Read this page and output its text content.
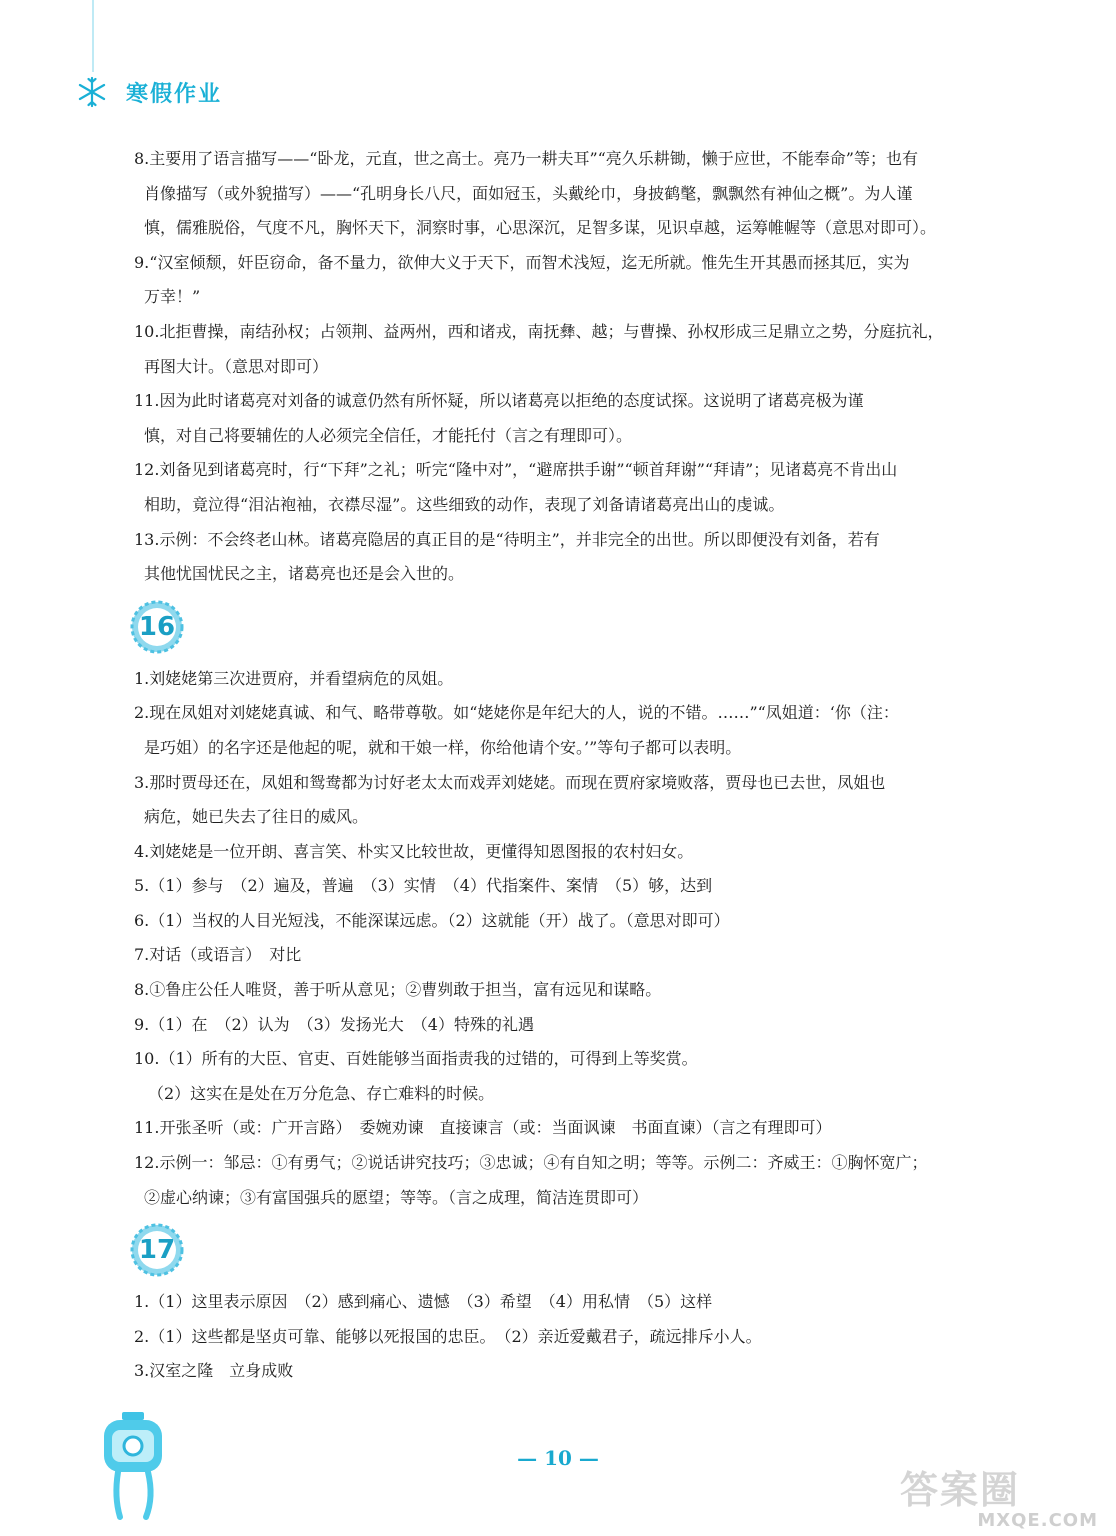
寒假作业
8.主要用了语言描写——“卧龙，元直，世之高士。亮乃一耕夫耳”“亮久乐耕锄，懒于应世，不能奉命”等；也有
肖像描写（或外貌描写）——“孔明身长八尺，面如冠玉，头戴纶巾，身披鹤氅，飘飘然有神仙之概”。为人谨
慎，儒雅脱俗，气度不凡，胸怀天下，洞察时事，心思深沉，足智多谋，见识卓越，运筹帷幄等（意思对即可）。
9.“汉室倾颓，奸臣窃命，备不量力，欲伸大义于天下，而智术浅短，迄无所就。惟先生开其愚而拯其厄，实为
万幸！”
10.北拒曹操，南结孙权；占领荆、益两州，西和诸戎，南抚彝、越；与曹操、孙权形成三足鼎立之势，分庭抗礼，
再图大计。（意思对即可）
11.因为此时诸葛亮对刘备的诚意仍然有所怀疑，所以诸葛亮以拒绝的态度试探。这说明了诸葛亮极为谨
慎，对自己将要辅佐的人必须完全信任，才能托付（言之有理即可）。
12.刘备见到诸葛亮时，行“下拜”之礼；听完“隆中对”，“避席拱手谢”“顿首拜谢”“拜请”；见诸葛亮不肯出山
相助，竟泣得“泪沾袍袖，衣襟尽湿”。这些细致的动作，表现了刘备请诸葛亮出山的虔诚。
13.示例：不会终老山林。诸葛亮隐居的真正目的是“待明主”，并非完全的出世。所以即便没有刘备，若有
其他忧国忧民之主，诸葛亮也还是会入世的。
16
1.刘姥姥第三次进贾府，并看望病危的凤姐。
2.现在凤姐对刘姥姥真诚、和气、略带尊敬。如“姥姥你是年纪大的人，说的不错。……”“凤姐道：‘你（注：
是巧姐）的名字还是他起的呢，就和干娘一样，你给他请个安。’”等句子都可以表明。
3.那时贾母还在，凤姐和鸳鸯都为讨好老太太而戏弄刘姥姥。而现在贾府家境败落，贾母也已去世，凤姐也
病危，她已失去了往日的威风。
4.刘姥姥是一位开朗、喜言笑、朴实又比较世故，更懂得知恩图报的农村妇女。
5.（1）参与　（2）遍及，普遍　（3）实情　（4）代指案件、案情　（5）够，达到
6.（1）当权的人目光短浅，不能深谋远虑。（2）这就能（开）战了。（意思对即可）
7.对话（或语言）　对比
8.①鲁庄公任人唯贤，善于听从意见；②曹刿敢于担当，富有远见和谋略。
9.（1）在　（2）认为　（3）发扬光大　（4）特殊的礼遇
10.（1）所有的大臣、官吏、百姓能够当面指责我的过错的，可得到上等奖赏。
（2）这实在是处在万分危急、存亡难料的时候。
11.开张圣听（或：广开言路）　委婉劝谏　直接谏言（或：当面讽谏　书面直谏）（言之有理即可）
12.示例一：邹忌：①有勇气；②说话讲究技巧；③忠诚；④有自知之明；等等。示例二：齐威王：①胸怀宽广；
②虚心纳谏；③有富国强兵的愿望；等等。（言之成理，简洁连贯即可）
17
1.（1）这里表示原因　（2）感到痛心、遗憾　（3）希望　（4）用私情　（5）这样
2.（1）这些都是坚贞可靠、能够以死报国的忠臣。　（2）亲近爱戴君子，疏远排斥小人。
3.汉室之隆　立身成败
— 10 —
答案圈
MXQE.COM
